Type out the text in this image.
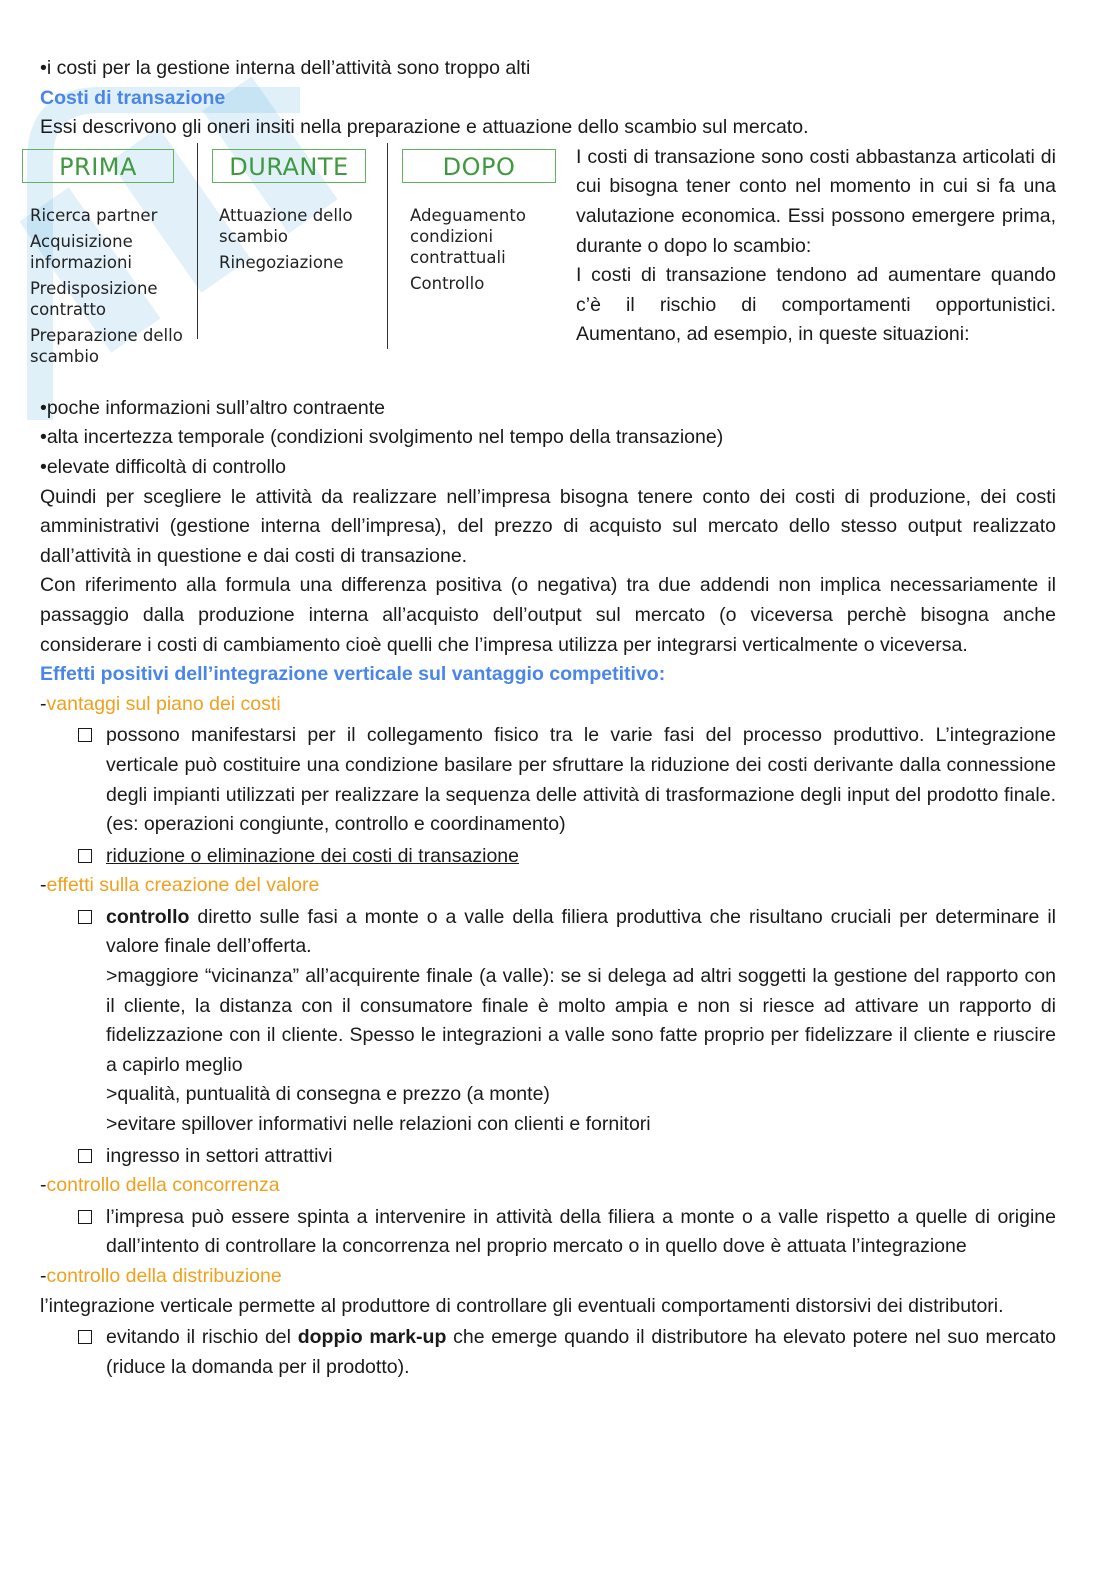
•i costi per la gestione interna dell’attività sono troppo alti

Costi di transazione

Essi descrivono gli oneri insiti nella preparazione e attuazione dello scambio sul mercato.

PRIMA	DURANTE	DOPO
Ricerca partner
Acquisizione informazioni
Predisposizione contratto
Preparazione dello scambio
Attuazione dello scambio
Rinegoziazione
Adeguamento condizioni contrattuali
Controllo

I costi di transazione sono costi abbastanza articolati di cui bisogna tener conto nel momento in cui si fa una valutazione economica. Essi possono emergere prima, durante o dopo lo scambio:

I costi di transazione tendono ad aumentare quando c’è il rischio di comportamenti opportunistici. Aumentano, ad esempio, in queste situazioni:

•poche informazioni sull’altro contraente

•alta incertezza temporale (condizioni svolgimento nel tempo della transazione)

•elevate difficoltà di controllo

Quindi per scegliere le attività da realizzare nell’impresa bisogna tenere conto dei costi di produzione, dei costi amministrativi (gestione interna dell’impresa), del prezzo di acquisto sul mercato dello stesso output realizzato dall’attività in questione e dai costi di transazione.

Con riferimento alla formula una differenza positiva (o negativa) tra due addendi non implica necessariamente il passaggio dalla produzione interna all’acquisto dell’output sul mercato (o viceversa perchè bisogna anche considerare i costi di cambiamento cioè quelli che l’impresa utilizza per integrarsi verticalmente o viceversa.

Effetti positivi dell’integrazione verticale sul vantaggio competitivo:

-vantaggi sul piano dei costi

possono manifestarsi per il collegamento fisico tra le varie fasi del processo produttivo. L’integrazione verticale può costituire una condizione basilare per sfruttare la riduzione dei costi derivante dalla connessione degli impianti utilizzati per realizzare la sequenza delle attività di trasformazione degli input del prodotto finale. (es: operazioni congiunte, controllo e coordinamento)
riduzione o eliminazione dei costi di transazione

-effetti sulla creazione del valore

controllo diretto sulle fasi a monte o a valle della filiera produttiva che risultano cruciali per determinare il valore finale dell’offerta.
>maggiore “vicinanza” all’acquirente finale (a valle): se si delega ad altri soggetti la gestione del rapporto con il cliente, la distanza con il consumatore finale è molto ampia e non si riesce ad attivare un rapporto di fidelizzazione con il cliente. Spesso le integrazioni a valle sono fatte proprio per fidelizzare il cliente e riuscire a capirlo meglio
>qualità, puntualità di consegna e prezzo (a monte)
>evitare spillover informativi nelle relazioni con clienti e fornitori
ingresso in settori attrattivi

-controllo della concorrenza

l’impresa può essere spinta a intervenire in attività della filiera a monte o a valle rispetto a quelle di origine dall’intento di controllare la concorrenza nel proprio mercato o in quello dove è attuata l’integrazione

-controllo della distribuzione

l’integrazione verticale permette al produttore di controllare gli eventuali comportamenti distorsivi dei distributori.

evitando il rischio del doppio mark-up che emerge quando il distributore ha elevato potere nel suo mercato (riduce la domanda per il prodotto).
